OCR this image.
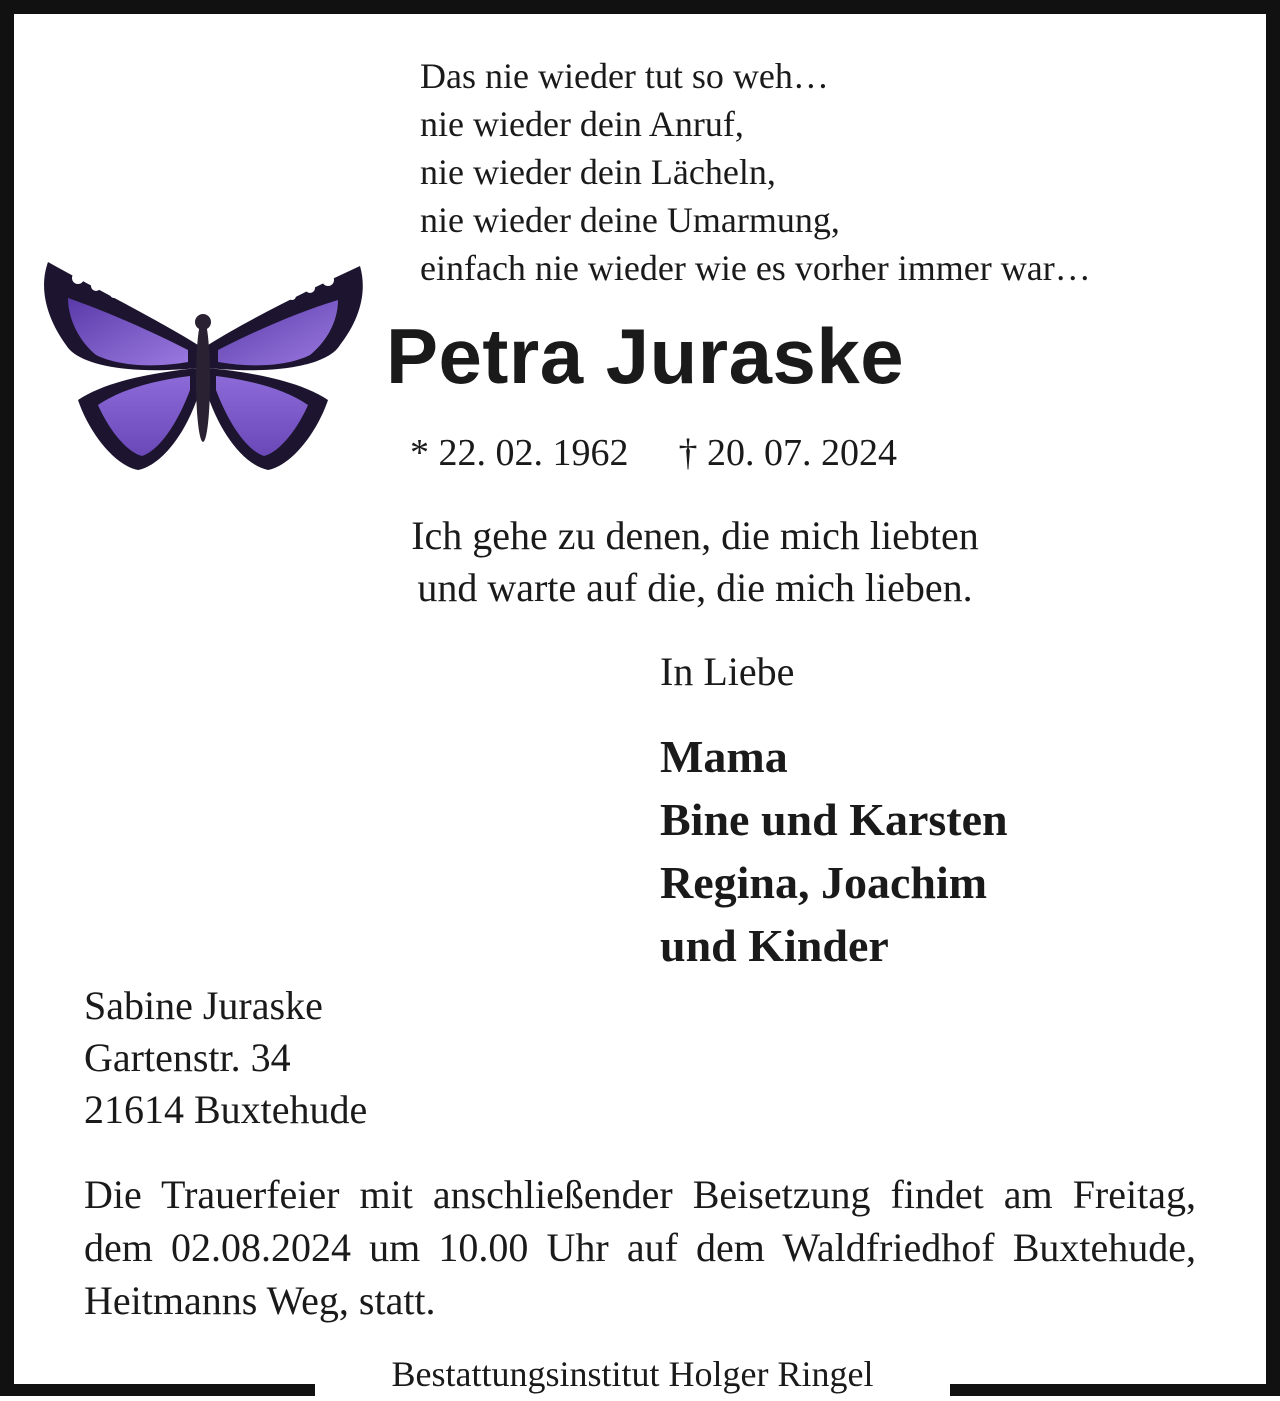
Das nie wieder tut so weh…
nie wieder dein Anruf,
nie wieder dein Lächeln,
nie wieder deine Umarmung,
einfach nie wieder wie es vorher immer war…
Petra Juraske
* 22. 02. 1962 † 20. 07. 2024
Ich gehe zu denen, die mich liebten
und warte auf die, die mich lieben.
In Liebe
Mama
Bine und Karsten
Regina, Joachim
und Kinder
Sabine Juraske
Gartenstr. 34
21614 Buxtehude
Die Trauerfeier mit anschließender Beisetzung findet am Freitag, dem 02.08.2024 um 10.00 Uhr auf dem Waldfriedhof Buxtehude, Heitmanns Weg, statt.
Bestattungsinstitut Holger Ringel
